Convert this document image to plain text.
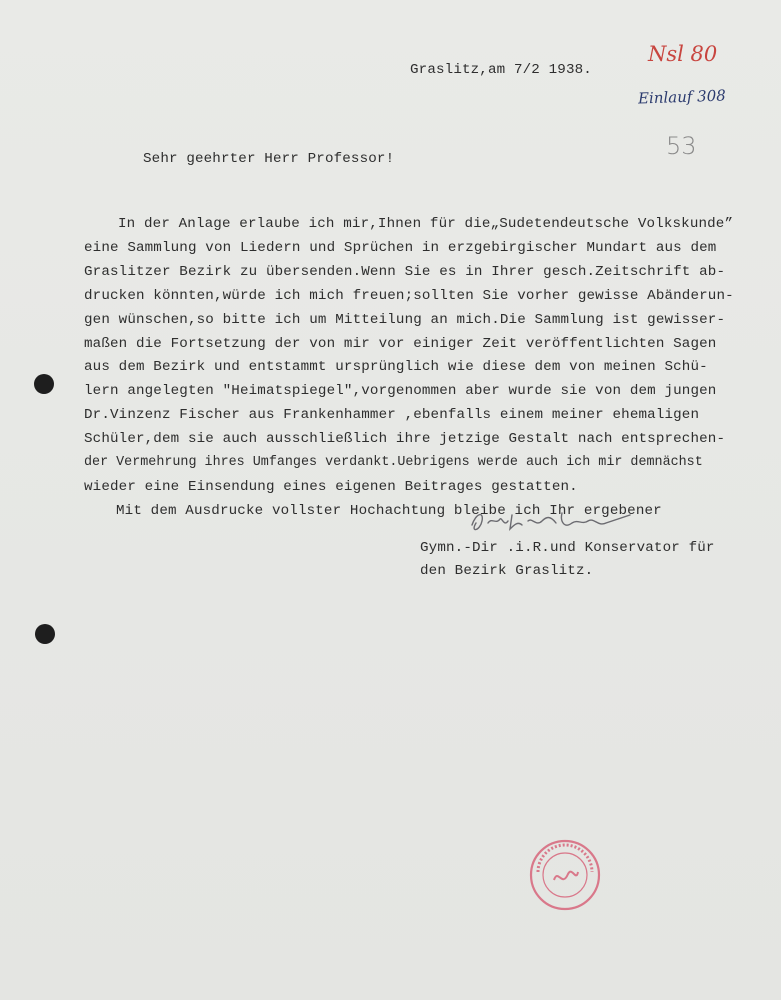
Graslitz,am 7/2 1938.
Nsl 80
Einlauf 308
53
Sehr geehrter Herr Professor!
In der Anlage erlaube ich mir,Ihnen für die„Sudetendeutsche Volkskunde”
eine Sammlung von Liedern und Sprüchen in erzgebirgischer Mundart aus dem
Graslitzer Bezirk zu übersenden.Wenn Sie es in Ihrer gesch.Zeitschrift ab-
drucken könnten,würde ich mich freuen;sollten Sie vorher gewisse Abänderun-
gen wünschen,so bitte ich um Mitteilung an mich.Die Sammlung ist gewisser-
maßen die Fortsetzung der von mir vor einiger Zeit veröffentlichten Sagen
aus dem Bezirk und entstammt ursprünglich wie diese dem von meinen Schü-
lern angelegten "Heimatspiegel",vorgenommen aber wurde sie von dem jungen
Dr.Vinzenz Fischer aus Frankenhammer ,ebenfalls einem meiner ehemaligen
Schüler,dem sie auch ausschließlich ihre jetzige Gestalt nach entsprechen-
der Vermehrung ihres Umfanges verdankt.Uebrigens werde auch ich mir demnächst
wieder eine Einsendung eines eigenen Beitrages gestatten.
Mit dem Ausdrucke vollster Hochachtung bleibe ich Ihr ergebener
Gymn.-Dir .i.R.und Konservator für
den Bezirk Graslitz.
